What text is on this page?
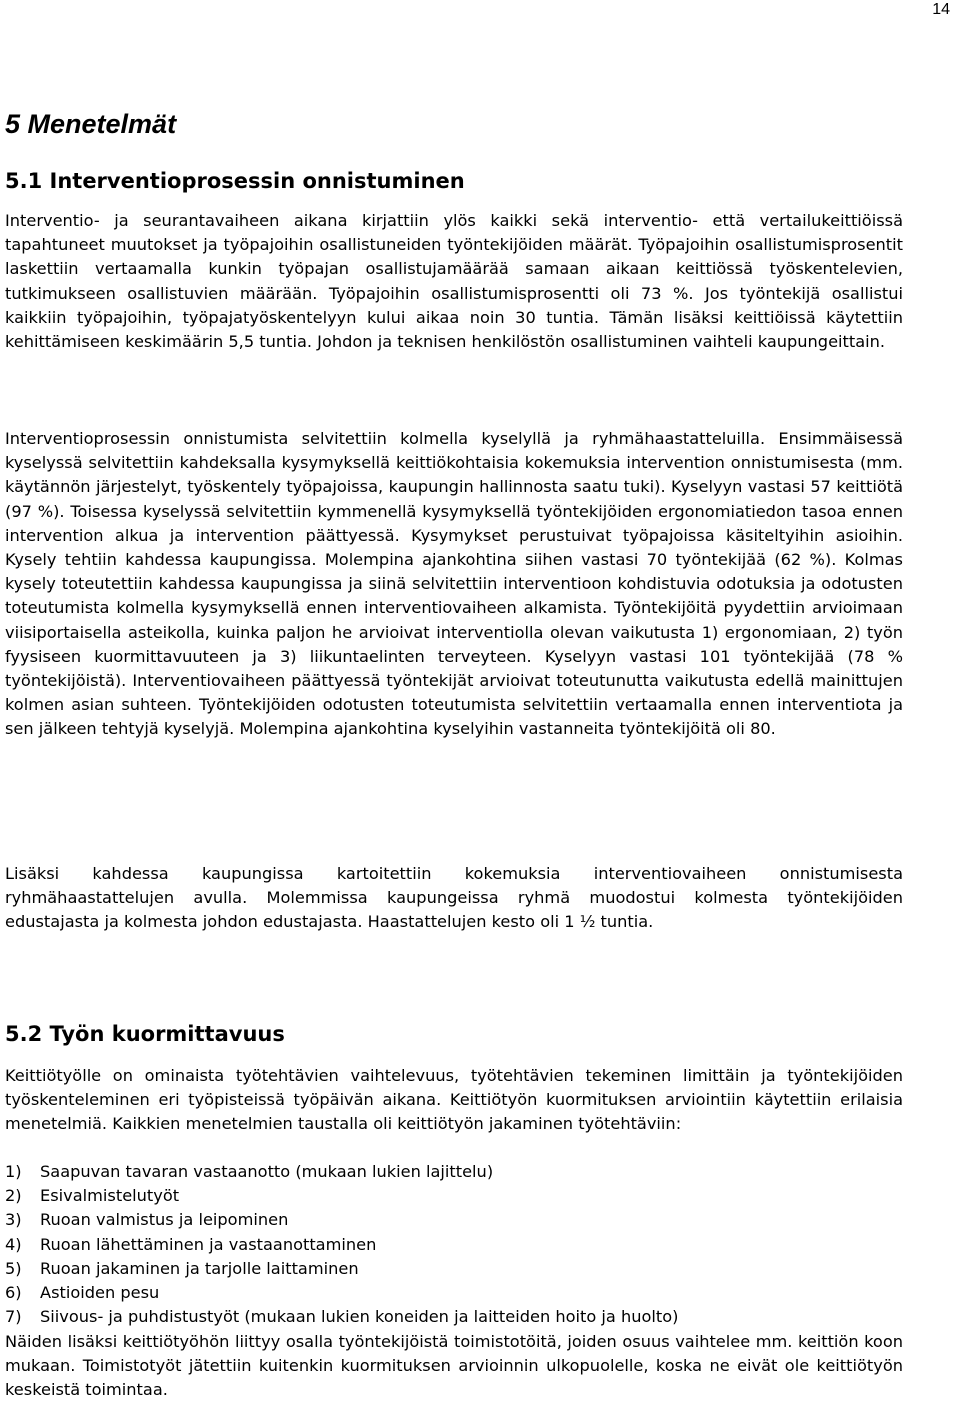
14
5 Menetelmät
5.1 Interventioprosessin onnistuminen

Interventio- ja seurantavaiheen aikana kirjattiin ylös kaikki sekä interventio- että vertailukeittiöissä tapahtuneet muutokset ja työpajoihin osallistuneiden työntekijöiden määrät. Työpajoihin osallistumisprosentit laskettiin vertaamalla kunkin työpajan osallistujamäärää samaan aikaan keittiössä työskentelevien, tutkimukseen osallistuvien määrään. Työpajoihin osallistumisprosentti oli 73 %. Jos työntekijä osallistui kaikkiin työpajoihin, työpajatyöskentelyyn kului aikaa noin 30 tuntia. Tämän lisäksi keittiöissä käytettiin kehittämiseen keskimäärin 5,5 tuntia. Johdon ja teknisen henkilöstön osallistuminen vaihteli kaupungeittain.

Interventioprosessin onnistumista selvitettiin kolmella kyselyllä ja ryhmähaastatteluilla. Ensimmäisessä kyselyssä selvitettiin kahdeksalla kysymyksellä keittiökohtaisia kokemuksia intervention onnistumisesta (mm. käytännön järjestelyt, työskentely työpajoissa, kaupungin hallinnosta saatu tuki). Kyselyyn vastasi 57 keittiötä (97 %). Toisessa kyselyssä selvitettiin kymmenellä kysymyksellä työntekijöiden ergonomiatiedon tasoa ennen intervention alkua ja intervention päättyessä. Kysymykset perustuivat työpajoissa käsiteltyihin asioihin. Kysely tehtiin kahdessa kaupungissa. Molempina ajankohtina siihen vastasi 70 työntekijää (62 %). Kolmas kysely toteutettiin kahdessa kaupungissa ja siinä selvitettiin interventioon kohdistuvia odotuksia ja odotusten toteutumista kolmella kysymyksellä ennen interventiovaiheen alkamista. Työntekijöitä pyydettiin arvioimaan viisiportaisella asteikolla, kuinka paljon he arvioivat interventiolla olevan vaikutusta 1) ergonomiaan, 2) työn fyysiseen kuormittavuuteen ja 3) liikuntaelinten terveyteen. Kyselyyn vastasi 101 työntekijää (78 % työntekijöistä). Interventiovaiheen päättyessä työntekijät arvioivat toteutunutta vaikutusta edellä mainittujen kolmen asian suhteen. Työntekijöiden odotusten toteutumista selvitettiin vertaamalla ennen interventiota ja sen jälkeen tehtyjä kyselyjä. Molempina ajankohtina kyselyihin vastanneita työntekijöitä oli 80.

Lisäksi kahdessa kaupungissa kartoitettiin kokemuksia interventiovaiheen onnistumisesta ryhmähaastattelujen avulla. Molemmissa kaupungeissa ryhmä muodostui kolmesta työntekijöiden edustajasta ja kolmesta johdon edustajasta. Haastattelujen kesto oli 1 ½ tuntia.

5.2 Työn kuormittavuus

Keittiötyölle on ominaista työtehtävien vaihtelevuus, työtehtävien tekeminen limittäin ja työntekijöiden työskenteleminen eri työpisteissä työpäivän aikana. Keittiötyön kuormituksen arviointiin käytettiin erilaisia menetelmiä. Kaikkien menetelmien taustalla oli keittiötyön jakaminen työtehtäviin:

1) Saapuvan tavaran vastaanotto (mukaan lukien lajittelu)
2) Esivalmistelutyöt
3) Ruoan valmistus ja leipominen
4) Ruoan lähettäminen ja vastaanottaminen
5) Ruoan jakaminen ja tarjolle laittaminen
6) Astioiden pesu
7) Siivous- ja puhdistustyöt (mukaan lukien koneiden ja laitteiden hoito ja huolto)

Näiden lisäksi keittiötyöhön liittyy osalla työntekijöistä toimistotöitä, joiden osuus vaihtelee mm. keittiön koon mukaan. Toimistotyöt jätettiin kuitenkin kuormituksen arvioinnin ulkopuolelle, koska ne eivät ole keittiötyön keskeistä toimintaa.
